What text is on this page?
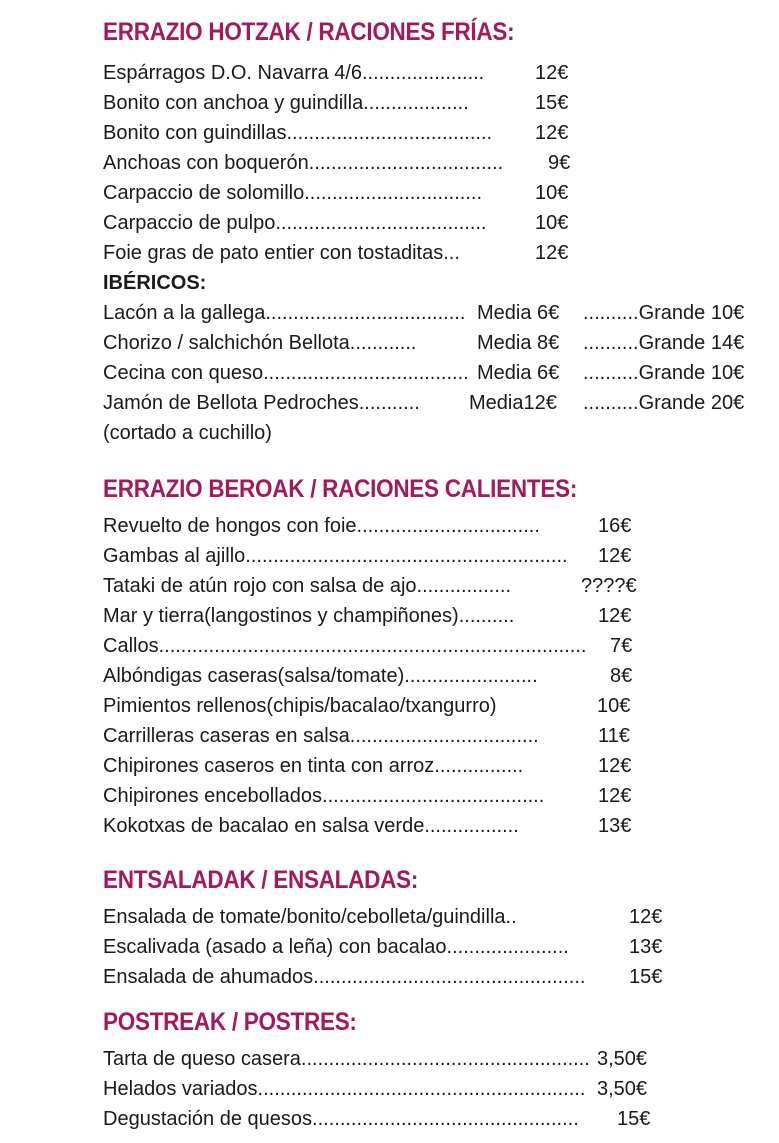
ERRAZIO HOTZAK / RACIONES FRÍAS:
Espárragos D.O. Navarra 4/6......................	12€
Bonito con anchoa y guindilla...................	15€
Bonito con guindillas..................................... 12€
Anchoas con boquerón................................... 9€
Carpaccio de solomillo................................	10€
Carpaccio de pulpo...................................... 10€
Foie gras de pato entier con tostaditas...	12€
IBÉRICOS:
Lacón a la gallega.................................... Media 6€ ..........Grande 10€
Chorizo / salchichón Bellota............	Media 8€ ..........Grande 14€
Cecina con queso..................................... Media 6€ ..........Grande 10€
Jamón de Bellota Pedroches........... Media12€ ..........Grande 20€
(cortado a cuchillo)
ERRAZIO BEROAK / RACIONES CALIENTES:
Revuelto de hongos con foie.................................	16€
Gambas al ajillo.......................................................... 12€
Tataki de atún rojo con salsa de ajo.................	????€
Mar y tierra(langostinos y champiñones)..........	12€
Callos............................................................................. 7€
Albóndigas caseras(salsa/tomate)........................	8€
Pimientos rellenos(chipis/bacalao/txangurro)	10€
Carrilleras caseras en salsa..................................	11€
Chipirones caseros en tinta con arroz................	12€
Chipirones encebollados........................................	12€
Kokotxas de bacalao en salsa verde.................	13€
ENTSALADAK / ENSALADAS:
Ensalada de tomate/bonito/cebolleta/guindilla..	12€
Escalivada (asado a leña) con bacalao......................	13€
Ensalada de ahumados................................................. 15€
POSTREAK / POSTRES:
Tarta de queso casera.................................................... 3,50€
Helados variados........................................................... 3,50€
Degustación de quesos................................................ 15€
